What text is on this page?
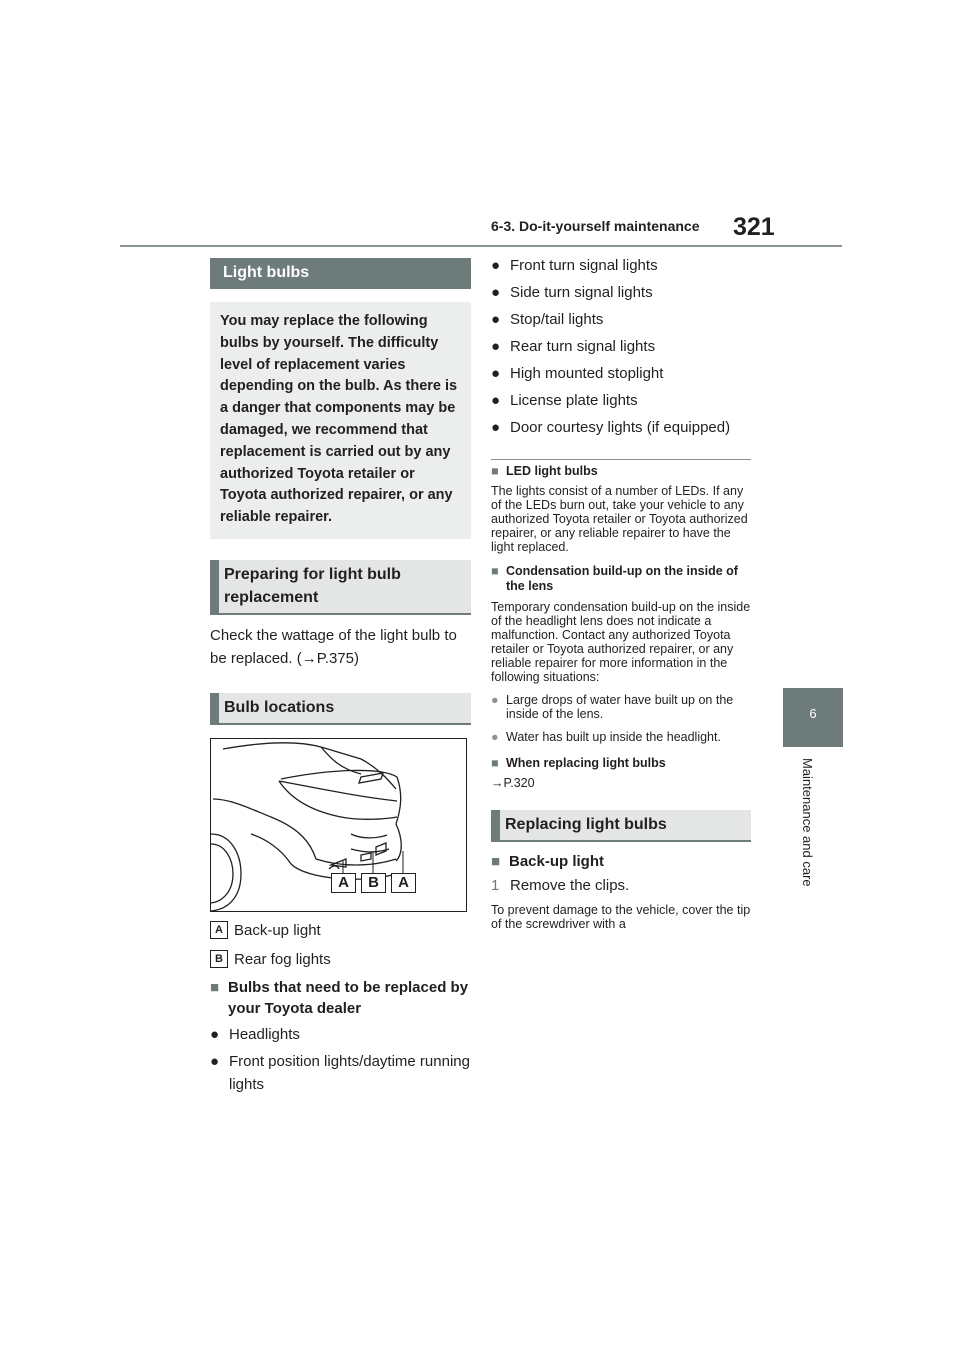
6-3. Do-it-yourself maintenance 321
6
Maintenance and care
Light bulbs
You may replace the following bulbs by yourself. The difficulty level of replacement varies depending on the bulb. As there is a danger that components may be damaged, we recommend that replacement is carried out by any authorized Toyota retailer or Toyota authorized repairer, or any reliable repairer.
Preparing for light bulb replacement
Check the wattage of the light bulb to be replaced. (→P.375)
Bulb locations
A	B	A
A Back-up light
B Rear fog lights
■ Bulbs that need to be replaced by your Toyota dealer
● Headlights
● Front position lights/daytime running lights
● Front turn signal lights
● Side turn signal lights
● Stop/tail lights
● Rear turn signal lights
● High mounted stoplight
● License plate lights
● Door courtesy lights (if equipped)
■ LED light bulbs
The lights consist of a number of LEDs. If any of the LEDs burn out, take your vehicle to any authorized Toyota retailer or Toyota authorized repairer, or any reliable repairer to have the light replaced.
■ Condensation build-up on the inside of the lens
Temporary condensation build-up on the inside of the headlight lens does not indicate a malfunction. Contact any authorized Toyota retailer or Toyota authorized repairer, or any reliable repairer for more information in the following situations:
● Large drops of water have built up on the inside of the lens.
● Water has built up inside the headlight.
■ When replacing light bulbs
→P.320
Replacing light bulbs
■ Back-up light
1 Remove the clips.
To prevent damage to the vehicle, cover the tip of the screwdriver with a
